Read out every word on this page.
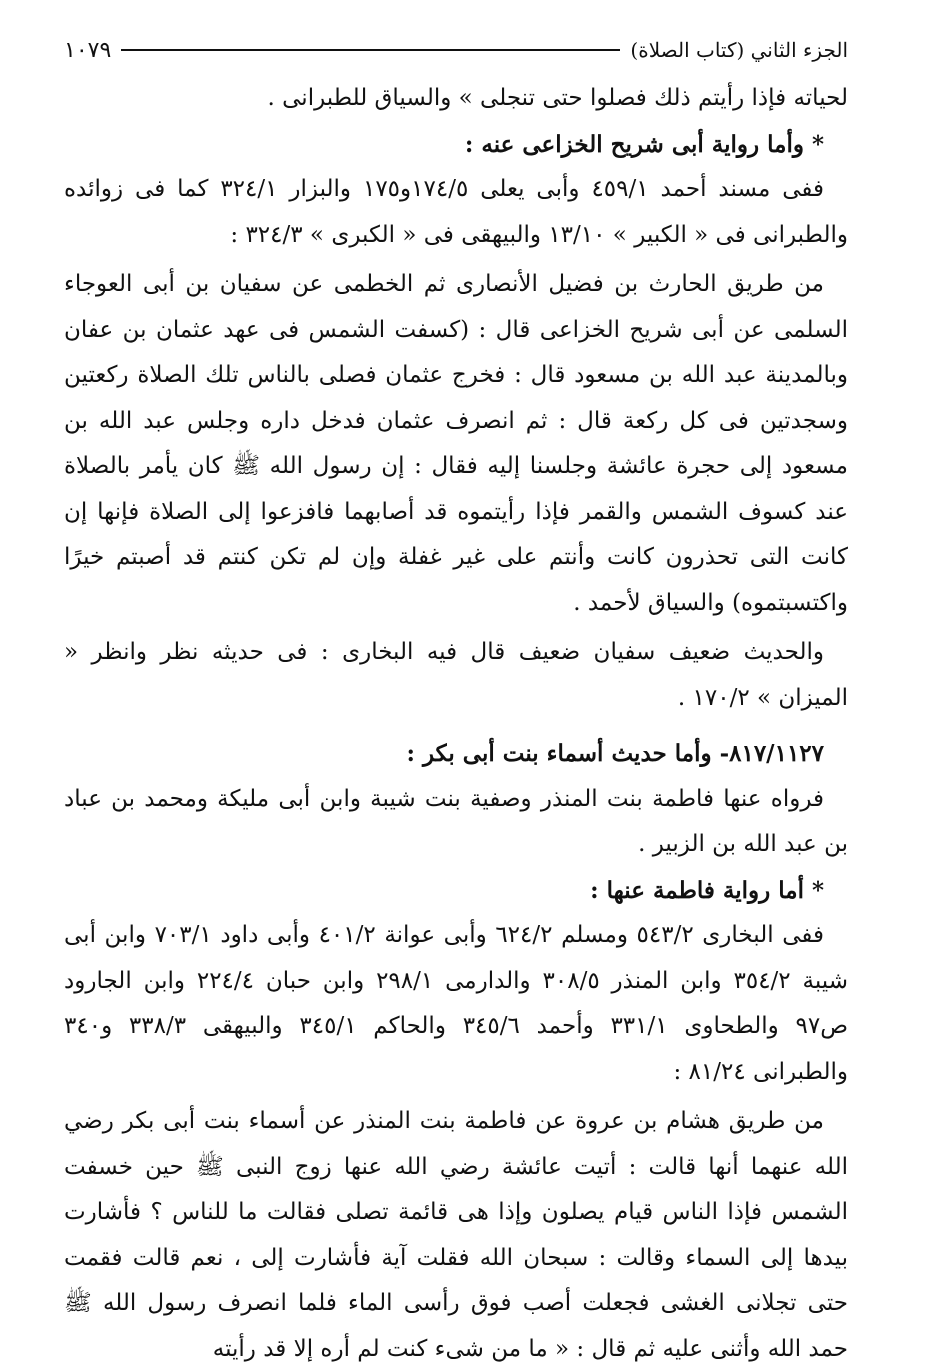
الجزء الثاني (كتاب الصلاة)
١٠٧٩

لحياته فإذا رأيتم ذلك فصلوا حتى تنجلى » والسياق للطبرانى .

* وأما رواية أبى شريح الخزاعى عنه :

ففى مسند أحمد ٤٥٩/١ وأبى يعلى ١٧٤/٥و١٧٥ والبزار ٣٢٤/١ كما فى زوائده والطبرانى فى « الكبير » ١٣/١٠ والبيهقى فى « الكبرى » ٣٢٤/٣ :

من طريق الحارث بن فضيل الأنصارى ثم الخطمى عن سفيان بن أبى العوجاء السلمى عن أبى شريح الخزاعى قال : (كسفت الشمس فى عهد عثمان بن عفان وبالمدينة عبد الله بن مسعود قال : فخرج عثمان فصلى بالناس تلك الصلاة ركعتين وسجدتين فى كل ركعة قال : ثم انصرف عثمان فدخل داره وجلس عبد الله بن مسعود إلى حجرة عائشة وجلسنا إليه فقال : إن رسول الله ﷺ كان يأمر بالصلاة عند كسوف الشمس والقمر فإذا رأيتموه قد أصابهما فافزعوا إلى الصلاة فإنها إن كانت التى تحذرون كانت وأنتم على غير غفلة وإن لم تكن كنتم قد أصبتم خيرًا واكتسبتموه) والسياق لأحمد .

والحديث ضعيف سفيان ضعيف قال فيه البخارى : فى حديثه نظر وانظر « الميزان » ١٧٠/٢ .

٨١٧/١١٢٧- وأما حديث أسماء بنت أبى بكر :

فرواه عنها فاطمة بنت المنذر وصفية بنت شيبة وابن أبى مليكة ومحمد بن عباد بن عبد الله بن الزبير .

* أما رواية فاطمة عنها :

ففى البخارى ٥٤٣/٢ ومسلم ٦٢٤/٢ وأبى عوانة ٤٠١/٢ وأبى داود ٧٠٣/١ وابن أبى شيبة ٣٥٤/٢ وابن المنذر ٣٠٨/٥ والدارمى ٢٩٨/١ وابن حبان ٢٢٤/٤ وابن الجارود ص٩٧ والطحاوى ٣٣١/١ وأحمد ٣٤٥/٦ والحاكم ٣٤٥/١ والبيهقى ٣٣٨/٣ و٣٤٠ والطبرانى ٨١/٢٤ :

من طريق هشام بن عروة عن فاطمة بنت المنذر عن أسماء بنت أبى بكر رضي الله عنهما أنها قالت : أتيت عائشة رضي الله عنها زوج النبى ﷺ حين خسفت الشمس فإذا الناس قيام يصلون وإذا هى قائمة تصلى فقالت ما للناس ؟ فأشارت بيدها إلى السماء وقالت : سبحان الله فقلت آية فأشارت إلى ، نعم قالت فقمت حتى تجلانى الغشى فجعلت أصب فوق رأسى الماء فلما انصرف رسول الله ﷺ حمد الله وأثنى عليه ثم قال : « ما من شىء كنت لم أره إلا قد رأيته
